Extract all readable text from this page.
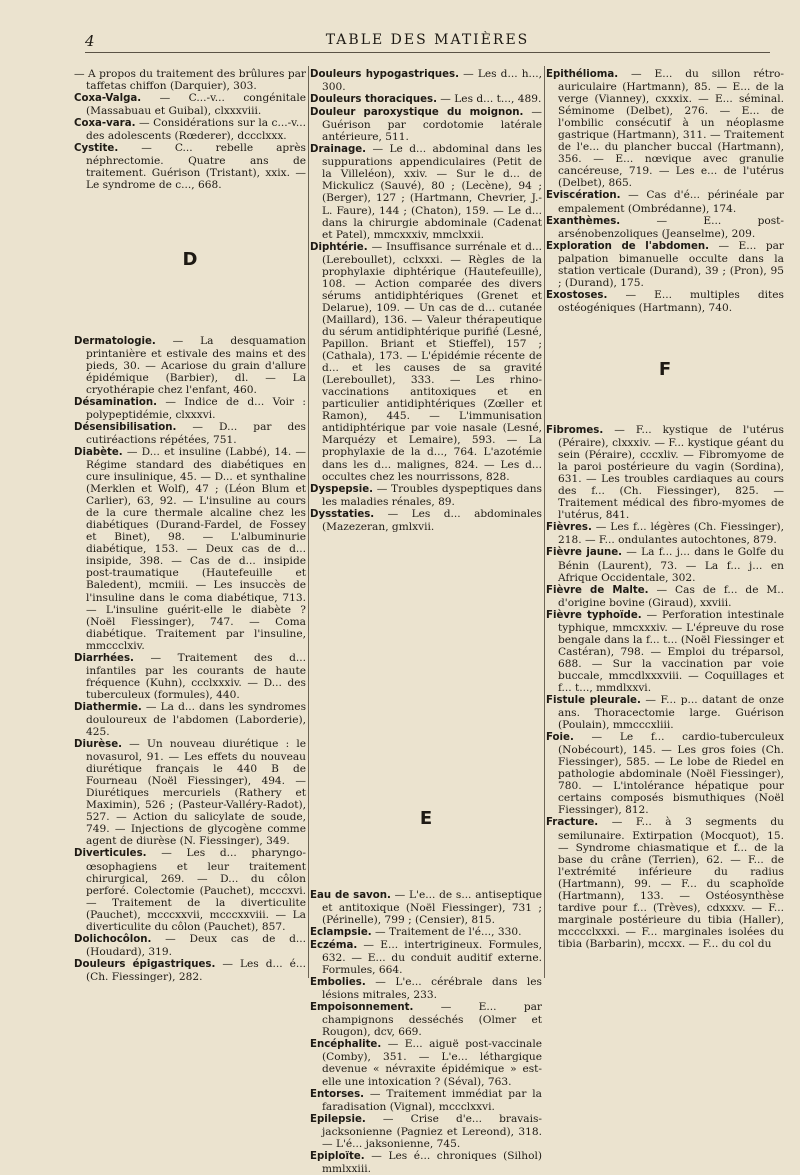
4	TABLE DES MATIÈRES

— A propos du traitement des brûlures par taffetas chiffon (Darquier), 303.

Coxa-Valga. — C...-v... congénitale (Massabuau et Guibal), clxxxviii.

Coxa-vara. — Considérations sur la c...-v... des adolescents (Rœderer), dccclxxx.

Cystite. — C... rebelle après néphrectomie. Quatre ans de traitement. Guérison (Tristant), xxix. — Le syndrome de c..., 668.

D

Dermatologie. — La desquamation printanière et estivale des mains et des pieds, 30. — Acariose du grain d'allure épidémique (Barbier), dl. — La cryothérapie chez l'enfant, 460.

Désamination. — Indice de d... Voir : polypeptidémie, clxxxvi.

Désensibilisation. — D... par des cutiréactions répétées, 751.

Diabète. — D... et insuline (Labbé), 14. — Régime standard des diabétiques en cure insulinique, 45. — D... et synthaline (Merklen et Wolf), 47 ; (Léon Blum et Carlier), 63, 92. — L'insuline au cours de la cure thermale alcaline chez les diabétiques (Durand-Fardel, de Fossey et Binet), 98. — L'albuminurie diabétique, 153. — Deux cas de d... insipide, 398. — Cas de d... insipide post-traumatique (Hautefeuille et Baledent), mcmiii. — Les insuccès de l'insuline dans le coma diabétique, 713. — L'insuline guérit-elle le diabète ? (Noël Fiessinger), 747. — Coma diabétique. Traitement par l'insuline, mmccclxiv.

Diarrhées. — Traitement des d... infantiles par les courants de haute fréquence (Kuhn), ccclxxxiv. — D... des tuberculeux (formules), 440.

Diathermie. — La d... dans les syndromes douloureux de l'abdomen (Laborderie), 425.

Diurèse. — Un nouveau diurétique : le novasurol, 91. — Les effets du nouveau diurétique français le 440 B de Fourneau (Noël Fiessinger), 494. — Diurétiques mercuriels (Rathery et Maximin), 526 ; (Pasteur-Valléry-Radot), 527. — Action du salicylate de soude, 749. — Injections de glycogène comme agent de diurèse (N. Fiessinger), 349.

Diverticules. — Les d... pharyngo-œsophagiens et leur traitement chirurgical, 269. — D... du côlon perforé. Colectomie (Pauchet), mcccxvi. — Traitement de la diverticulite (Pauchet), mcccxxvii, mcccxxviii. — La diverticulite du côlon (Pauchet), 857.

Dolichocôlon. — Deux cas de d... (Houdard), 319.

Douleurs épigastriques. — Les d... é... (Ch. Fiessinger), 282.

Douleurs hypogastriques. — Les d... h..., 300.

Douleurs thoraciques. — Les d... t..., 489.

Douleur paroxystique du moignon. — Guérison par cordotomie latérale antérieure, 511.

Drainage. — Le d... abdominal dans les suppurations appendiculaires (Petit de la Villeléon), xxiv. — Sur le d... de Mickulicz (Sauvé), 80 ; (Lecène), 94 ; (Berger), 127 ; (Hartmann, Chevrier, J.-L. Faure), 144 ; (Chaton), 159. — Le d... dans la chirurgie abdominale (Cadenat et Patel), mmcxxxiv, mmclxxii.

Diphtérie. — Insuffisance surrénale et d... (Lereboullet), cclxxxi. — Règles de la prophylaxie diphtérique (Hautefeuille), 108. — Action comparée des divers sérums antidiphtériques (Grenet et Delarue), 109. — Un cas de d... cutanée (Maillard), 136. — Valeur thérapeutique du sérum antidiphtérique purifié (Lesné, Papillon. Briant et Stieffel), 157 ; (Cathala), 173. — L'épidémie récente de d... et les causes de sa gravité (Lereboullet), 333. — Les rhino-vaccinations antitoxiques et en particulier antidiphtériques (Zœller et Ramon), 445. — L'immunisation antidiphtérique par voie nasale (Lesné, Marquézy et Lemaire), 593. — La prophylaxie de la d..., 764. L'azotémie dans les d... malignes, 824. — Les d... occultes chez les nourrissons, 828.

Dyspepsie. — Troubles dyspeptiques dans les maladies rénales, 89.

Dysstaties. — Les d... abdominales (Mazezeran, gmlxvii.

E

Eau de savon. — L'e... de s... antiseptique et antitoxique (Noël Fiessinger), 731 ; (Périnelle), 799 ; (Censier), 815.

Eclampsie. — Traitement de l'é..., 330.

Eczéma. — E... intertrigineux. Formules, 632. — E... du conduit auditif externe. Formules, 664.

Embolies. — L'e... cérébrale dans les lésions mitrales, 233.

Empoisonnement. — E... par champignons desséchés (Olmer et Rougon), dcv, 669.

Encéphalite. — E... aiguë post-vaccinale (Comby), 351. — L'e... léthargique devenue « névraxite épidémique » est-elle une intoxication ? (Séval), 763.

Entorses. — Traitement immédiat par la faradisation (Vignal), mccclxxvi.

Epilepsie. — Crise d'e... bravais-jacksonienne (Pagniez et Lereond), 318. — L'é... jaksonienne, 745.

Epiploïte. — Les é... chroniques (Silhol) mmlxxiii.

Epithélioma. — E... du sillon rétro-auriculaire (Hartmann), 85. — E... de la verge (Vianney), cxxxix. — E... séminal. Séminome (Delbet), 276. — E... de l'ombilic consécutif à un néoplasme gastrique (Hartmann), 311. — Traitement de l'e... du plancher buccal (Hartmann), 356. — E... nœvique avec granulie cancéreuse, 719. — Les e... de l'utérus (Delbet), 865.

Eviscération. — Cas d'é... périnéale par empalement (Ombrédanne), 174.

Exanthèmes. — E... post-arsénobenzoliques (Jeanselme), 209.

Exploration de l'abdomen. — E... par palpation bimanuelle occulte dans la station verticale (Durand), 39 ; (Pron), 95 ; (Durand), 175.

Exostoses. — E... multiples dites ostéogéniques (Hartmann), 740.

F

Fibromes. — F... kystique de l'utérus (Péraire), clxxxiv. — F... kystique géant du sein (Péraire), cccxliv. — Fibromyome de la paroi postérieure du vagin (Sordina), 631. — Les troubles cardiaques au cours des f... (Ch. Fiessinger), 825. — Traitement médical des fibro-myomes de l'utérus, 841.

Fièvres. — Les f... légères (Ch. Fiessinger), 218. — F... ondulantes autochtones, 879.

Fièvre jaune. — La f... j... dans le Golfe du Bénin (Laurent), 73. — La f... j... en Afrique Occidentale, 302.

Fièvre de Malte. — Cas de f... de M.. d'origine bovine (Giraud), xxviii.

Fièvre typhoïde. — Perforation intestinale typhique, mmcxxxiv. — L'épreuve du rose bengale dans la f... t... (Noël Fiessinger et Castéran), 798. — Emploi du tréparsol, 688. — Sur la vaccination par voie buccale, mmcdlxxxviii. — Coquillages et f... t..., mmdlxxvi.

Fistule pleurale. — F... p... datant de onze ans. Thoracectomie large. Guérison (Poulain), mmcccxliii.

Foie. — Le f... cardio-tuberculeux (Nobécourt), 145. — Les gros foies (Ch. Fiessinger), 585. — Le lobe de Riedel en pathologie abdominale (Noël Fiessinger), 780. — L'intolérance hépatique pour certains composés bismuthiques (Noël Fiessinger), 812.

Fracture. — F... à 3 segments du semilunaire. Extirpation (Mocquot), 15. — Syndrome chiasmatique et f... de la base du crâne (Terrien), 62. — F... de l'extrémité inférieure du radius (Hartmann), 99. — F... du scaphoïde (Hartmann), 133. — Ostéosynthèse tardive pour f... (Trèves), cdxxxv. — F... marginale postérieure du tibia (Haller), mcccclxxxi. — F... marginales isolées du tibia (Barbarin), mccxx. — F... du col du
